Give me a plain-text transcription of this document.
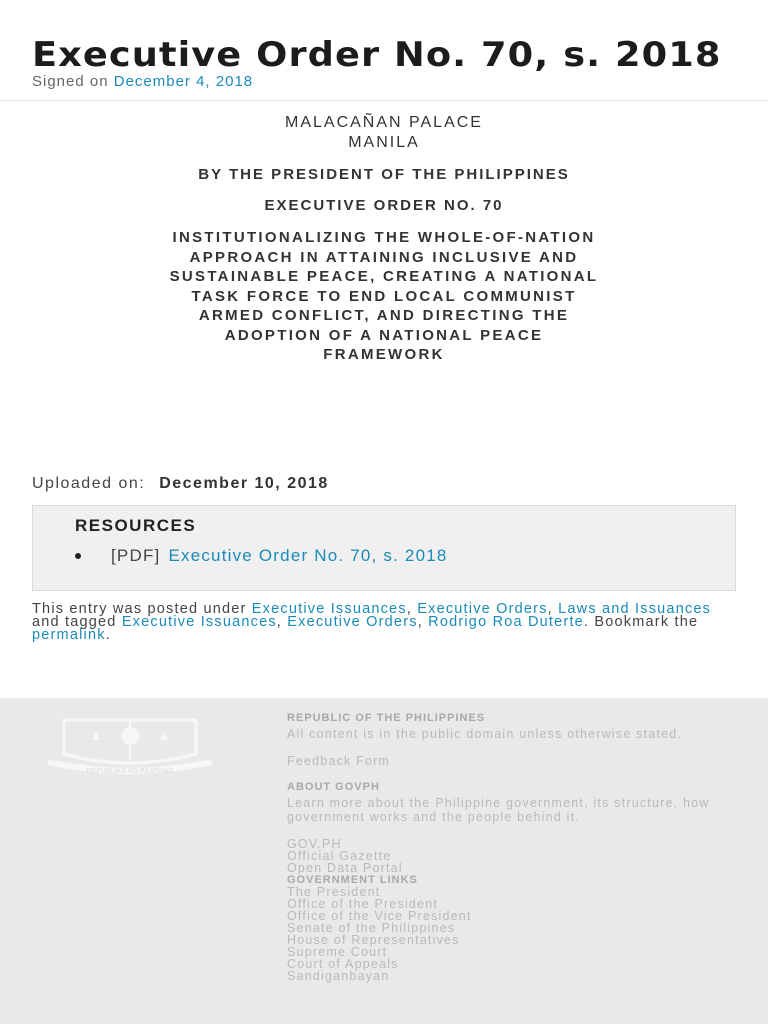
Executive Order No. 70, s. 2018
Signed on December 4, 2018
MALACAÑAN PALACE
MANILA
BY THE PRESIDENT OF THE PHILIPPINES
EXECUTIVE ORDER NO. 70
INSTITUTIONALIZING THE WHOLE-OF-NATION
APPROACH IN ATTAINING INCLUSIVE AND
SUSTAINABLE PEACE, CREATING A NATIONAL
TASK FORCE TO END LOCAL COMMUNIST
ARMED CONFLICT, AND DIRECTING THE
ADOPTION OF A NATIONAL PEACE
FRAMEWORK
Uploaded on: December 10, 2018
RESOURCES
[PDF] Executive Order No. 70, s. 2018
This entry was posted under Executive Issuances, Executive Orders, Laws and Issuances and tagged Executive Issuances, Executive Orders, Rodrigo Roa Duterte. Bookmark the permalink.
REPUBLIKA NG PILIPINAS
REPUBLIC OF THE PHILIPPINES
All content is in the public domain unless otherwise stated.
Feedback Form
ABOUT GOVPH
Learn more about the Philippine government, its structure, how government works and the people behind it.
GOV.PH
Official Gazette
Open Data Portal
GOVERNMENT LINKS
The President
Office of the President
Office of the Vice President
Senate of the Philippines
House of Representatives
Supreme Court
Court of Appeals
Sandiganbayan
